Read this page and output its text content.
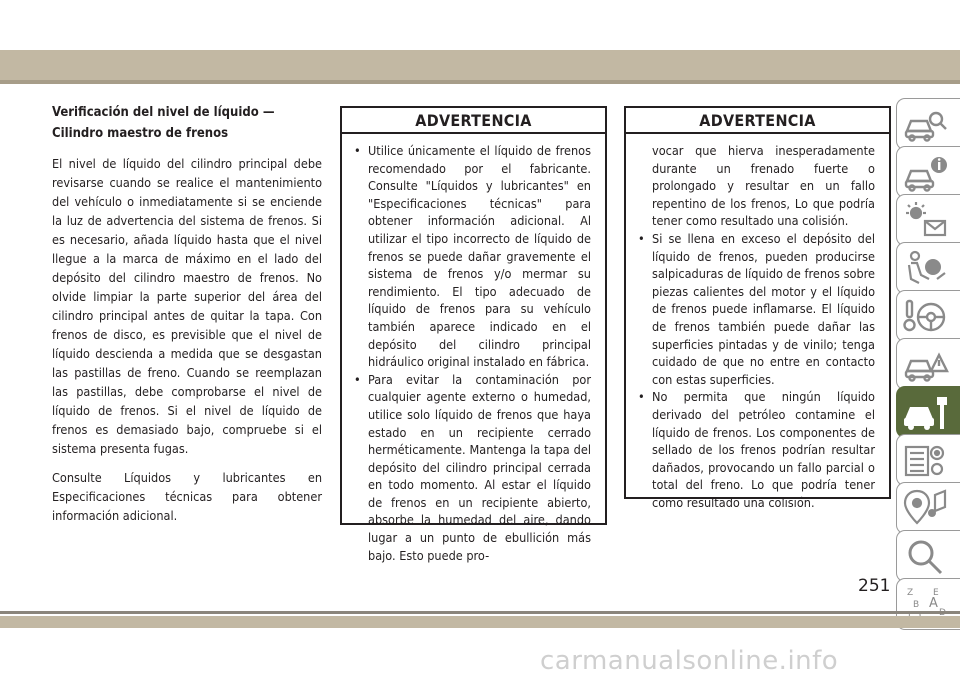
Verificación del nivel de líquido — Cilindro maestro de frenos

El nivel de líquido del cilindro principal debe revisarse cuando se realice el mantenimiento del vehículo o inmediatamente si se enciende la luz de advertencia del sistema de frenos. Si es necesario, añada líquido hasta que el nivel llegue a la marca de máximo en el lado del depósito del cilindro maestro de frenos. No olvide limpiar la parte superior del área del cilindro principal antes de quitar la tapa. Con frenos de disco, es previsible que el nivel de líquido descienda a medida que se desgastan las pastillas de freno. Cuando se reemplazan las pastillas, debe comprobarse el nivel de líquido de frenos. Si el nivel de líquido de frenos es demasiado bajo, compruebe si el sistema presenta fugas.

Consulte Líquidos y lubricantes en Especificaciones técnicas para obtener información adicional.

ADVERTENCIA

• Utilice únicamente el líquido de frenos recomendado por el fabricante. Consulte "Líquidos y lubricantes" en "Especificaciones técnicas" para obtener información adicional. Al utilizar el tipo incorrecto de líquido de frenos se puede dañar gravemente el sistema de frenos y/o mermar su rendimiento. El tipo adecuado de líquido de frenos para su vehículo también aparece indicado en el depósito del cilindro principal hidráulico original instalado en fábrica.

• Para evitar la contaminación por cualquier agente externo o humedad, utilice solo líquido de frenos que haya estado en un recipiente cerrado herméticamente. Mantenga la tapa del depósito del cilindro principal cerrada en todo momento. Al estar el líquido de frenos en un recipiente abierto, absorbe la humedad del aire, dando lugar a un punto de ebullición más bajo. Esto puede pro-

ADVERTENCIA

vocar que hierva inesperadamente durante un frenado fuerte o prolongado y resultar en un fallo repentino de los frenos, Lo que podría tener como resultado una colisión.

• Si se llena en exceso el depósito del líquido de frenos, pueden producirse salpicaduras de líquido de frenos sobre piezas calientes del motor y el líquido de frenos puede inflamarse. El líquido de frenos también puede dañar las superficies pintadas y de vinilo; tenga cuidado de que no entre en contacto con estas superficies.

• No permita que ningún líquido derivado del petróleo contamine el líquido de frenos. Los componentes de sellado de los frenos podrían resultar dañados, provocando un fallo parcial o total del freno. Lo que podría tener como resultado una colisión.

Z E
B A
251
carmanualsonline.info
